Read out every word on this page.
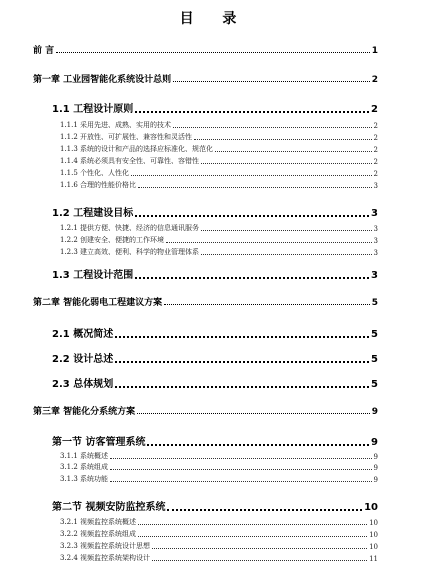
目 录
前 言	1
第一章 工业园智能化系统设计总则	2
1.1 工程设计原则	2
1.1.1 采用先进、成熟、实用的技术	2
1.1.2 开放性、可扩展性、兼容性和灵活性	2
1.1.3 系统的设计和产品的选择应标准化、规范化	2
1.1.4 系统必须具有安全性、可靠性、容错性	2
1.1.5 个性化、人性化	2
1.1.6 合理的性能价格比	3
1.2 工程建设目标	3
1.2.1 提供方便、快捷、经济的信息通讯服务	3
1.2.2 创建安全、便捷的工作环境	3
1.2.3 建立高效、便利、科学的物业管理体系	3
1.3 工程设计范围	3
第二章 智能化弱电工程建议方案	5
2.1 概况简述	5
2.2 设计总述	5
2.3 总体规划	5
第三章 智能化分系统方案	9
第一节 访客管理系统	9
3.1.1 系统概述	9
3.1.2 系统组成	9
3.1.3 系统功能	9
第二节 视频安防监控系统	10
3.2.1 视频监控系统概述	10
3.2.2 视频监控系统组成	10
3.2.3 视频监控系统设计思想	10
3.2.4 视频监控系统架构设计	11
